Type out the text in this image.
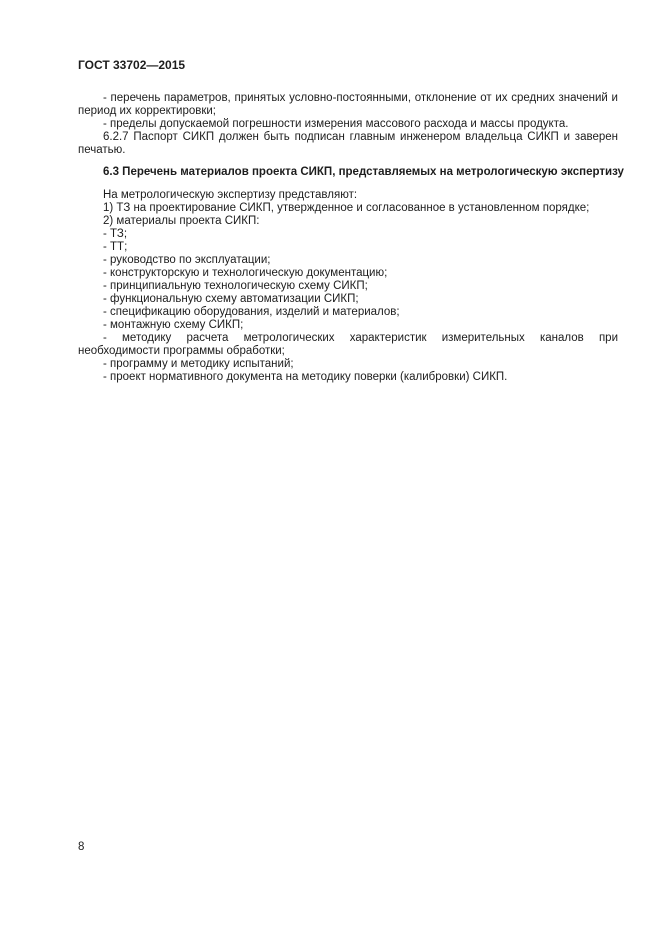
ГОСТ 33702—2015

- перечень параметров, принятых условно-постоянными, отклонение от их средних значений и период их корректировки;

- пределы допускаемой погрешности измерения массового расхода и массы продукта.

6.2.7 Паспорт СИКП должен быть подписан главным инженером владельца СИКП и заверен печатью.

6.3 Перечень материалов проекта СИКП, представляемых на метрологическую экспертизу

На метрологическую экспертизу представляют:

1) ТЗ на проектирование СИКП, утвержденное и согласованное в установленном порядке;

2) материалы проекта СИКП:

- ТЗ;

- ТТ;

- руководство по эксплуатации;

- конструкторскую и технологическую документацию;

- принципиальную технологическую схему СИКП;

- функциональную схему автоматизации СИКП;

- спецификацию оборудования, изделий и материалов;

- монтажную схему СИКП;

- методику расчета метрологических характеристик измерительных каналов при необходимости программы обработки;

- программу и методику испытаний;

- проект нормативного документа на методику поверки (калибровки) СИКП.

8
